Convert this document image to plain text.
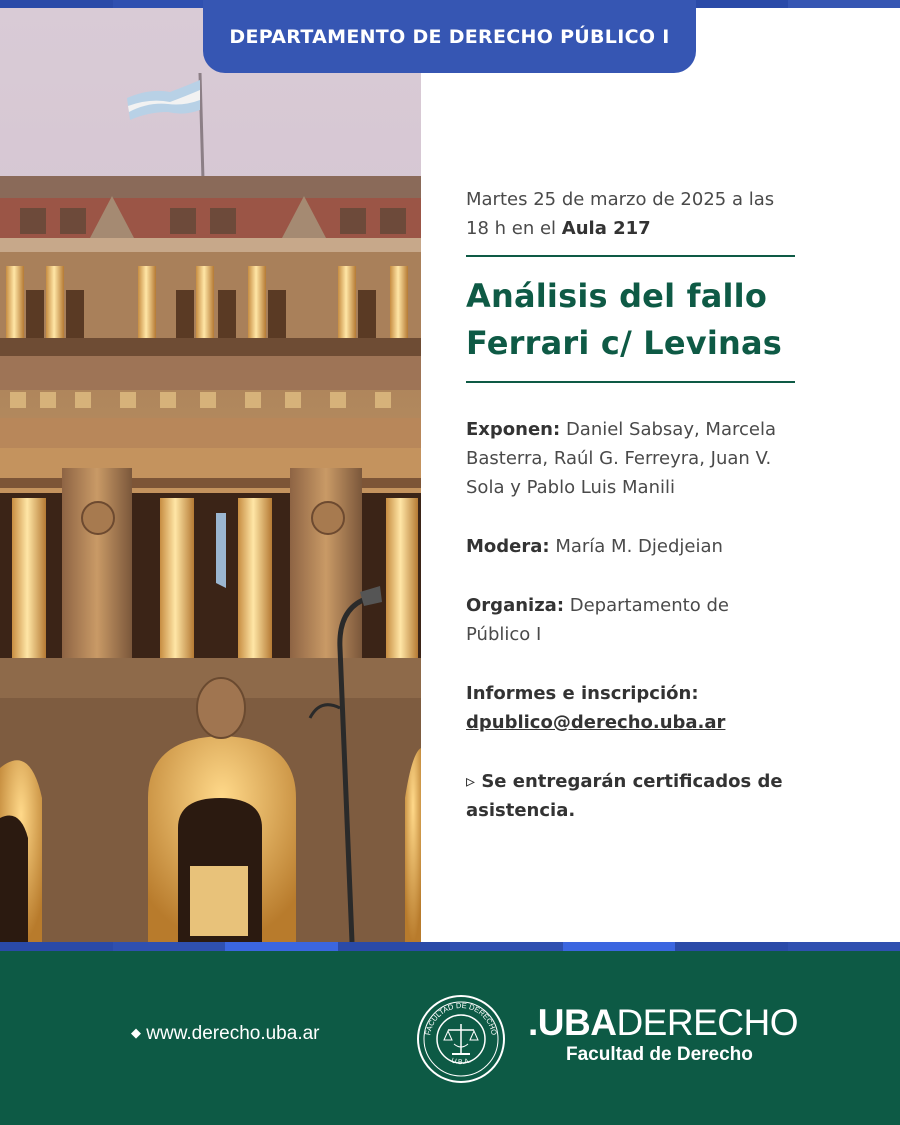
DEPARTAMENTO DE DERECHO PÚBLICO I

Martes 25 de marzo de 2025 a las 18 h en el Aula 217

Análisis del fallo
Ferrari c/ Levinas

Exponen: Daniel Sabsay, Marcela Basterra, Raúl G. Ferreyra, Juan V. Sola y Pablo Luis Manili

Modera: María M. Djedjeian

Organiza: Departamento de Público I

Informes e inscripción:
dpublico@derecho.uba.ar

▹ Se entregarán certificados de asistencia.

◆ www.derecho.uba.ar	FACULTAD DE DERECHO
U.B.A.
.UBADERECHO
Facultad de Derecho
